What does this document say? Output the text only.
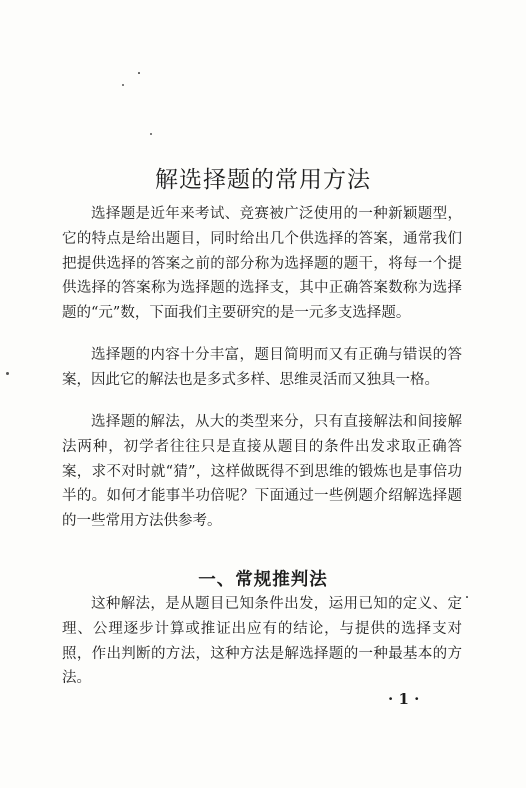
解选择题的常用方法

选择题是近年来考试、竞赛被广泛使用的一种新颖题型，它的特点是给出题目，同时给出几个供选择的答案，通常我们把提供选择的答案之前的部分称为选择题的题干，将每一个提供选择的答案称为选择题的选择支，其中正确答案数称为选择题的“元”数，下面我们主要研究的是一元多支选择题。

选择题的内容十分丰富，题目简明而又有正确与错误的答案，因此它的解法也是多式多样、思维灵活而又独具一格。

选择题的解法，从大的类型来分，只有直接解法和间接解法两种，初学者往往只是直接从题目的条件出发求取正确答案，求不对时就“猜”，这样做既得不到思维的锻炼也是事倍功半的。如何才能事半功倍呢？下面通过一些例题介绍解选择题的一些常用方法供参考。

一、常规推判法

这种解法，是从题目已知条件出发，运用已知的定义、定理、公理逐步计算或推证出应有的结论，与提供的选择支对照，作出判断的方法，这种方法是解选择题的一种最基本的方法。

· 1 ·
